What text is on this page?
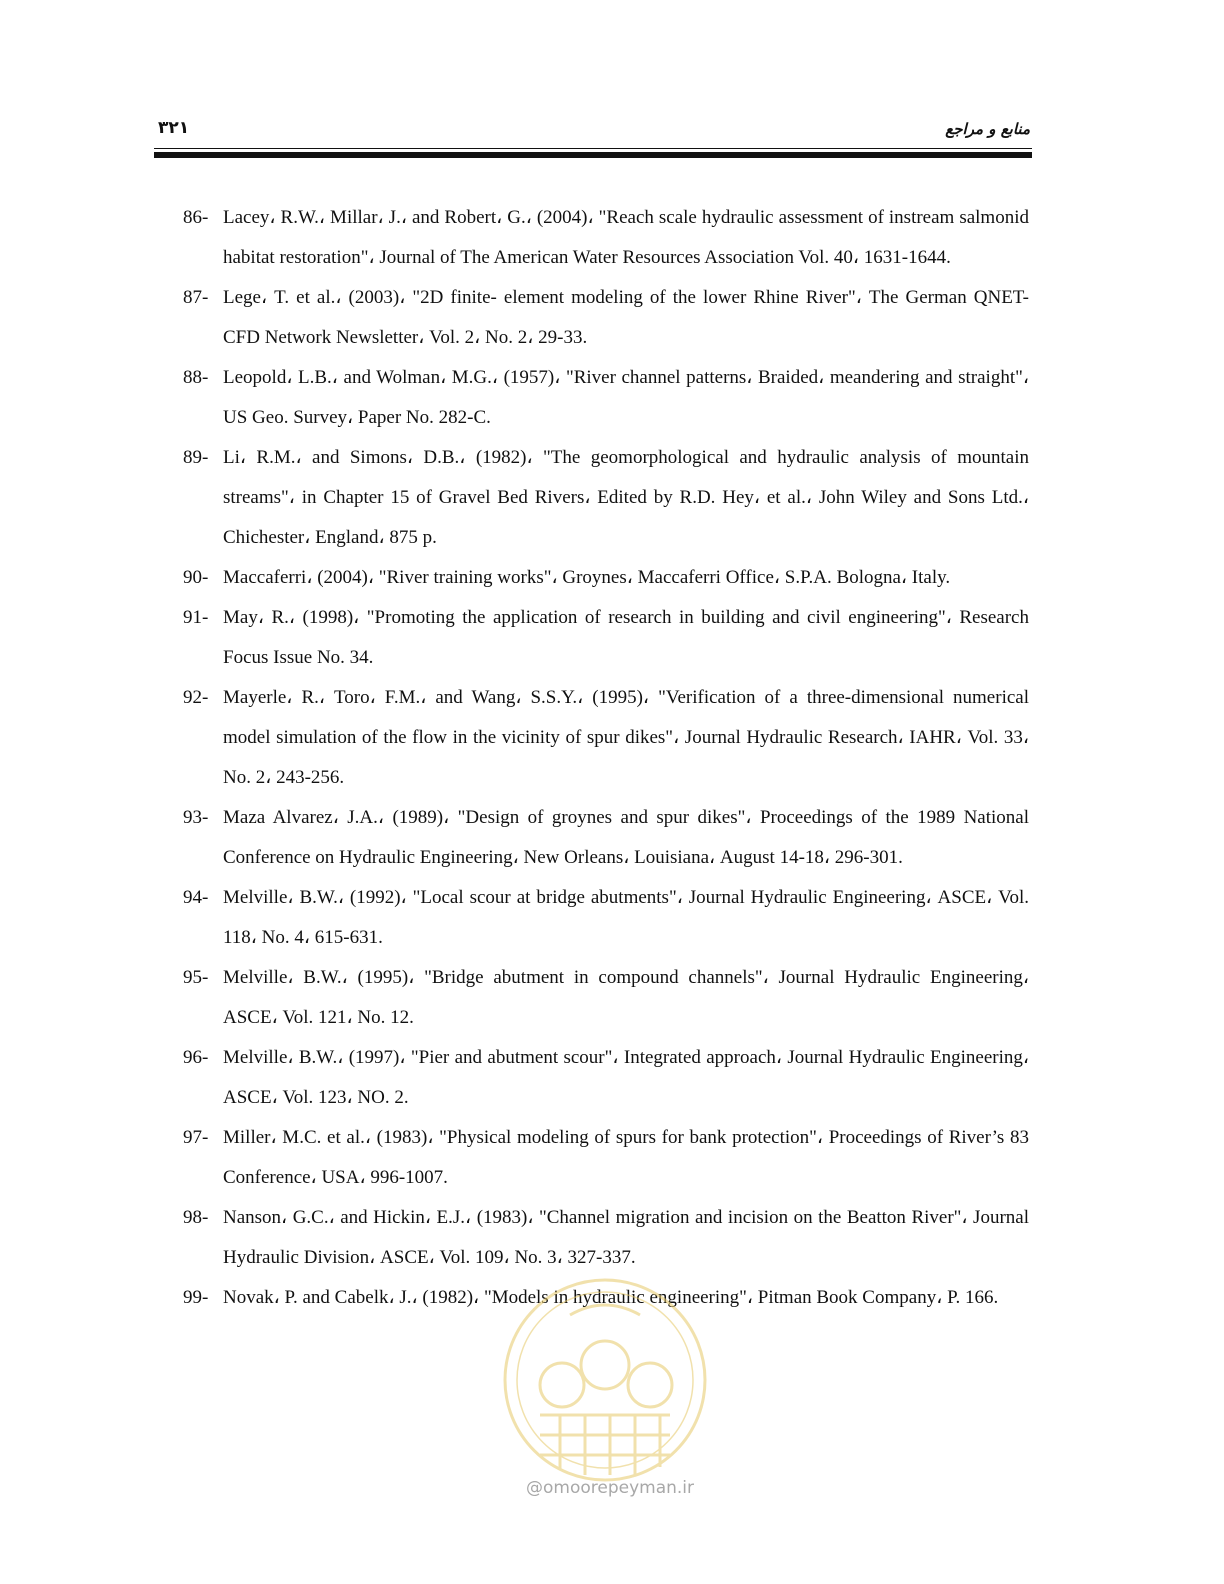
۳۲۱	منابع و مراجع
86- Lacey، R.W.، Millar، J.، and Robert، G.، (2004)، "Reach scale hydraulic assessment of instream salmonid habitat restoration"، Journal of The American Water Resources Association Vol. 40، 1631-1644.
87- Lege، T. et al.، (2003)، "2D finite- element modeling of the lower Rhine River"، The German QNET-CFD Network Newsletter، Vol. 2، No. 2، 29-33.
88- Leopold، L.B.، and Wolman، M.G.، (1957)، "River channel patterns، Braided، meandering and straight"، US Geo. Survey، Paper No. 282-C.
89- Li، R.M.، and Simons، D.B.، (1982)، "The geomorphological and hydraulic analysis of mountain streams"، in Chapter 15 of Gravel Bed Rivers، Edited by R.D. Hey، et al.، John Wiley and Sons Ltd.، Chichester، England، 875 p.
90- Maccaferri، (2004)، "River training works"، Groynes، Maccaferri Office، S.P.A. Bologna، Italy.
91- May، R.، (1998)، "Promoting the application of research in building and civil engineering"، Research Focus Issue No. 34.
92- Mayerle، R.، Toro، F.M.، and Wang، S.S.Y.، (1995)، "Verification of a three-dimensional numerical model simulation of the flow in the vicinity of spur dikes"، Journal Hydraulic Research، IAHR، Vol. 33، No. 2، 243-256.
93- Maza Alvarez، J.A.، (1989)، "Design of groynes and spur dikes"، Proceedings of the 1989 National Conference on Hydraulic Engineering، New Orleans، Louisiana، August 14-18، 296-301.
94- Melville، B.W.، (1992)، "Local scour at bridge abutments"، Journal Hydraulic Engineering، ASCE، Vol. 118، No. 4، 615-631.
95- Melville، B.W.، (1995)، "Bridge abutment in compound channels"، Journal Hydraulic Engineering، ASCE، Vol. 121، No. 12.
96- Melville، B.W.، (1997)، "Pier and abutment scour"، Integrated approach، Journal Hydraulic Engineering، ASCE، Vol. 123، NO. 2.
97- Miller، M.C. et al.، (1983)، "Physical modeling of spurs for bank protection"، Proceedings of River’s 83 Conference، USA، 996-1007.
98- Nanson، G.C.، and Hickin، E.J.، (1983)، "Channel migration and incision on the Beatton River"، Journal Hydraulic Division، ASCE، Vol. 109، No. 3، 327-337.
99- Novak، P. and Cabelk، J.، (1982)، "Models in hydraulic engineering"، Pitman Book Company، P. 166.
@omoorepeyman.ir
